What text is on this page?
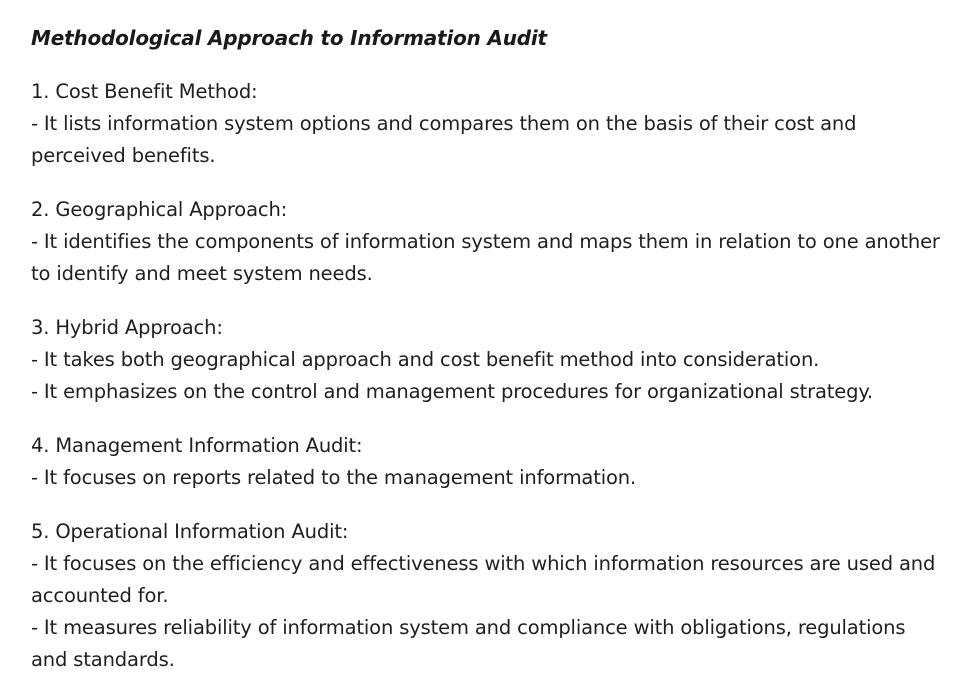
Methodological Approach to Information Audit

1. Cost Benefit Method:

- It lists information system options and compares them on the basis of their cost and perceived benefits.

2. Geographical Approach:

- It identifies the components of information system and maps them in relation to one another to identify and meet system needs.

3. Hybrid Approach:

- It takes both geographical approach and cost benefit method into consideration.

- It emphasizes on the control and management procedures for organizational strategy.

4. Management Information Audit:

- It focuses on reports related to the management information.

5. Operational Information Audit:

- It focuses on the efficiency and effectiveness with which information resources are used and accounted for.

- It measures reliability of information system and compliance with obligations, regulations and standards.
